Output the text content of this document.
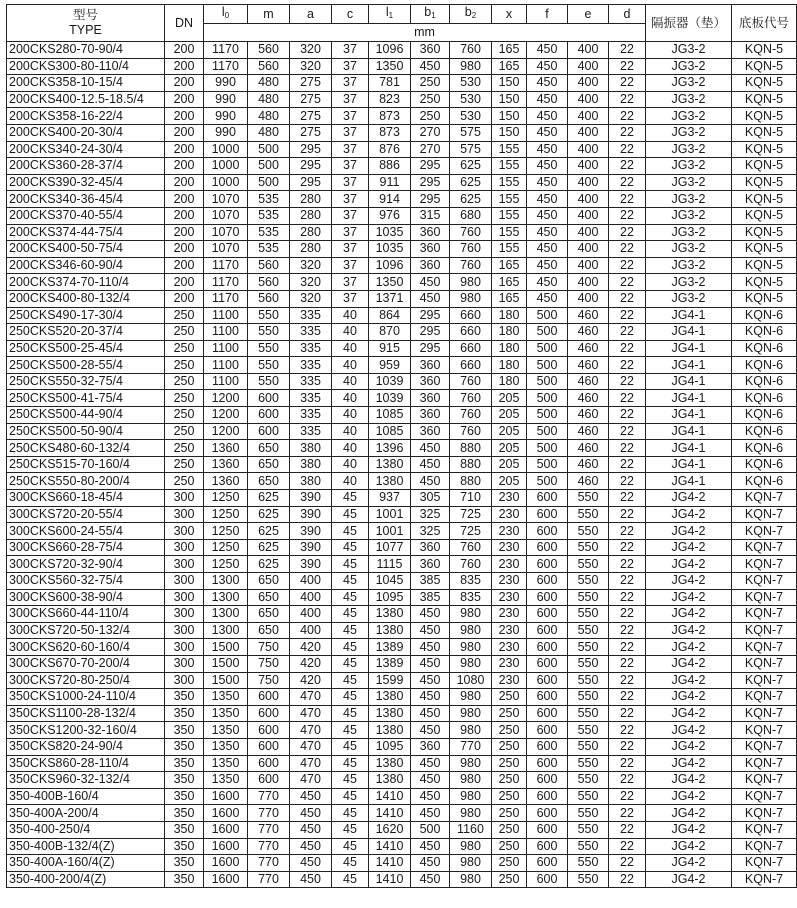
型号
TYPE	DN	$l_0$	m	a	c	$l_1$	$b_1$	$b_2$	x	f	e	d	隔振器（垫）	底板代号
		mm												
200CKS280-70-90/4	200	1170	560	320	37	1096	360	760	165	450	400	22	JG3-2	KQN-5
200CKS300-80-110/4	200	1170	560	320	37	1350	450	980	165	450	400	22	JG3-2	KQN-5
200CKS358-10-15/4	200	990	480	275	37	781	250	530	150	450	400	22	JG3-2	KQN-5
200CKS400-12.5-18.5/4	200	990	480	275	37	823	250	530	150	450	400	22	JG3-2	KQN-5
200CKS358-16-22/4	200	990	480	275	37	873	250	530	150	450	400	22	JG3-2	KQN-5
200CKS400-20-30/4	200	990	480	275	37	873	270	575	150	450	400	22	JG3-2	KQN-5
200CKS340-24-30/4	200	1000	500	295	37	876	270	575	155	450	400	22	JG3-2	KQN-5
200CKS360-28-37/4	200	1000	500	295	37	886	295	625	155	450	400	22	JG3-2	KQN-5
200CKS390-32-45/4	200	1000	500	295	37	911	295	625	155	450	400	22	JG3-2	KQN-5
200CKS340-36-45/4	200	1070	535	280	37	914	295	625	155	450	400	22	JG3-2	KQN-5
200CKS370-40-55/4	200	1070	535	280	37	976	315	680	155	450	400	22	JG3-2	KQN-5
200CKS374-44-75/4	200	1070	535	280	37	1035	360	760	155	450	400	22	JG3-2	KQN-5
200CKS400-50-75/4	200	1070	535	280	37	1035	360	760	155	450	400	22	JG3-2	KQN-5
200CKS346-60-90/4	200	1170	560	320	37	1096	360	760	165	450	400	22	JG3-2	KQN-5
200CKS374-70-110/4	200	1170	560	320	37	1350	450	980	165	450	400	22	JG3-2	KQN-5
200CKS400-80-132/4	200	1170	560	320	37	1371	450	980	165	450	400	22	JG3-2	KQN-5
250CKS490-17-30/4	250	1100	550	335	40	864	295	660	180	500	460	22	JG4-1	KQN-6
250CKS520-20-37/4	250	1100	550	335	40	870	295	660	180	500	460	22	JG4-1	KQN-6
250CKS500-25-45/4	250	1100	550	335	40	915	295	660	180	500	460	22	JG4-1	KQN-6
250CKS500-28-55/4	250	1100	550	335	40	959	360	660	180	500	460	22	JG4-1	KQN-6
250CKS550-32-75/4	250	1100	550	335	40	1039	360	760	180	500	460	22	JG4-1	KQN-6
250CKS500-41-75/4	250	1200	600	335	40	1039	360	760	205	500	460	22	JG4-1	KQN-6
250CKS500-44-90/4	250	1200	600	335	40	1085	360	760	205	500	460	22	JG4-1	KQN-6
250CKS500-50-90/4	250	1200	600	335	40	1085	360	760	205	500	460	22	JG4-1	KQN-6
250CKS480-60-132/4	250	1360	650	380	40	1396	450	880	205	500	460	22	JG4-1	KQN-6
250CKS515-70-160/4	250	1360	650	380	40	1380	450	880	205	500	460	22	JG4-1	KQN-6
250CKS550-80-200/4	250	1360	650	380	40	1380	450	880	205	500	460	22	JG4-1	KQN-6
300CKS660-18-45/4	300	1250	625	390	45	937	305	710	230	600	550	22	JG4-2	KQN-7
300CKS720-20-55/4	300	1250	625	390	45	1001	325	725	230	600	550	22	JG4-2	KQN-7
300CKS600-24-55/4	300	1250	625	390	45	1001	325	725	230	600	550	22	JG4-2	KQN-7
300CKS660-28-75/4	300	1250	625	390	45	1077	360	760	230	600	550	22	JG4-2	KQN-7
300CKS720-32-90/4	300	1250	625	390	45	1115	360	760	230	600	550	22	JG4-2	KQN-7
300CKS560-32-75/4	300	1300	650	400	45	1045	385	835	230	600	550	22	JG4-2	KQN-7
300CKS600-38-90/4	300	1300	650	400	45	1095	385	835	230	600	550	22	JG4-2	KQN-7
300CKS660-44-110/4	300	1300	650	400	45	1380	450	980	230	600	550	22	JG4-2	KQN-7
300CKS720-50-132/4	300	1300	650	400	45	1380	450	980	230	600	550	22	JG4-2	KQN-7
300CKS620-60-160/4	300	1500	750	420	45	1389	450	980	230	600	550	22	JG4-2	KQN-7
300CKS670-70-200/4	300	1500	750	420	45	1389	450	980	230	600	550	22	JG4-2	KQN-7
300CKS720-80-250/4	300	1500	750	420	45	1599	450	1080	230	600	550	22	JG4-2	KQN-7
350CKS1000-24-110/4	350	1350	600	470	45	1380	450	980	250	600	550	22	JG4-2	KQN-7
350CKS1100-28-132/4	350	1350	600	470	45	1380	450	980	250	600	550	22	JG4-2	KQN-7
350CKS1200-32-160/4	350	1350	600	470	45	1380	450	980	250	600	550	22	JG4-2	KQN-7
350CKS820-24-90/4	350	1350	600	470	45	1095	360	770	250	600	550	22	JG4-2	KQN-7
350CKS860-28-110/4	350	1350	600	470	45	1380	450	980	250	600	550	22	JG4-2	KQN-7
350CKS960-32-132/4	350	1350	600	470	45	1380	450	980	250	600	550	22	JG4-2	KQN-7
350-400B-160/4	350	1600	770	450	45	1410	450	980	250	600	550	22	JG4-2	KQN-7
350-400A-200/4	350	1600	770	450	45	1410	450	980	250	600	550	22	JG4-2	KQN-7
350-400-250/4	350	1600	770	450	45	1620	500	1160	250	600	550	22	JG4-2	KQN-7
350-400B-132/4(Z)	350	1600	770	450	45	1410	450	980	250	600	550	22	JG4-2	KQN-7
350-400A-160/4(Z)	350	1600	770	450	45	1410	450	980	250	600	550	22	JG4-2	KQN-7
350-400-200/4(Z)	350	1600	770	450	45	1410	450	980	250	600	550	22	JG4-2	KQN-7
